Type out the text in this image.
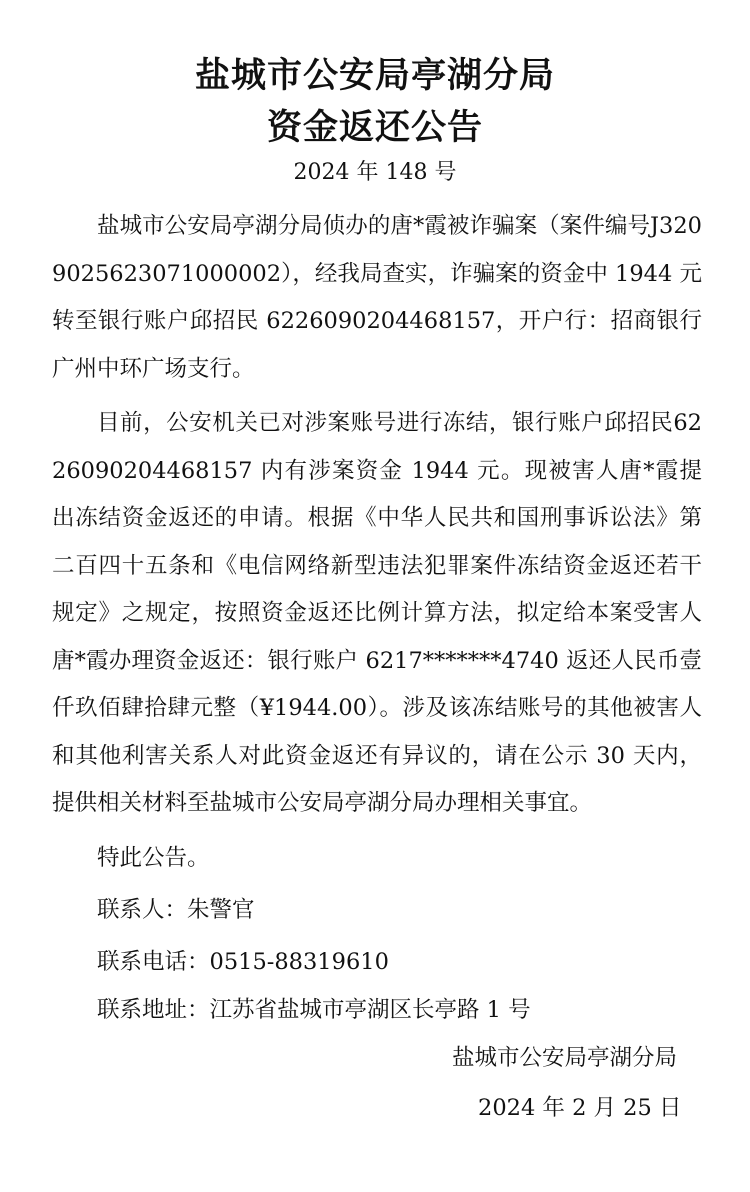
盐城市公安局亭湖分局
资金返还公告

2024 年 148 号

盐城市公安局亭湖分局侦办的唐*霞被诈骗案（案件编号J3209025623071000002），经我局查实，诈骗案的资金中 1944 元转至银行账户邱招民 6226090204468157，开户行：招商银行广州中环广场支行。

目前，公安机关已对涉案账号进行冻结，银行账户邱招民6226090204468157 内有涉案资金 1944 元。现被害人唐*霞提出冻结资金返还的申请。根据《中华人民共和国刑事诉讼法》第二百四十五条和《电信网络新型违法犯罪案件冻结资金返还若干规定》之规定，按照资金返还比例计算方法，拟定给本案受害人唐*霞办理资金返还：银行账户 6217*******4740 返还人民币壹仟玖佰肆拾肆元整（¥1944.00）。涉及该冻结账号的其他被害人和其他利害关系人对此资金返还有异议的，请在公示 30 天内，提供相关材料至盐城市公安局亭湖分局办理相关事宜。

特此公告。

联系人：朱警官

联系电话：0515-88319610

联系地址：江苏省盐城市亭湖区长亭路 1 号

盐城市公安局亭湖分局

2024 年 2 月 25 日
